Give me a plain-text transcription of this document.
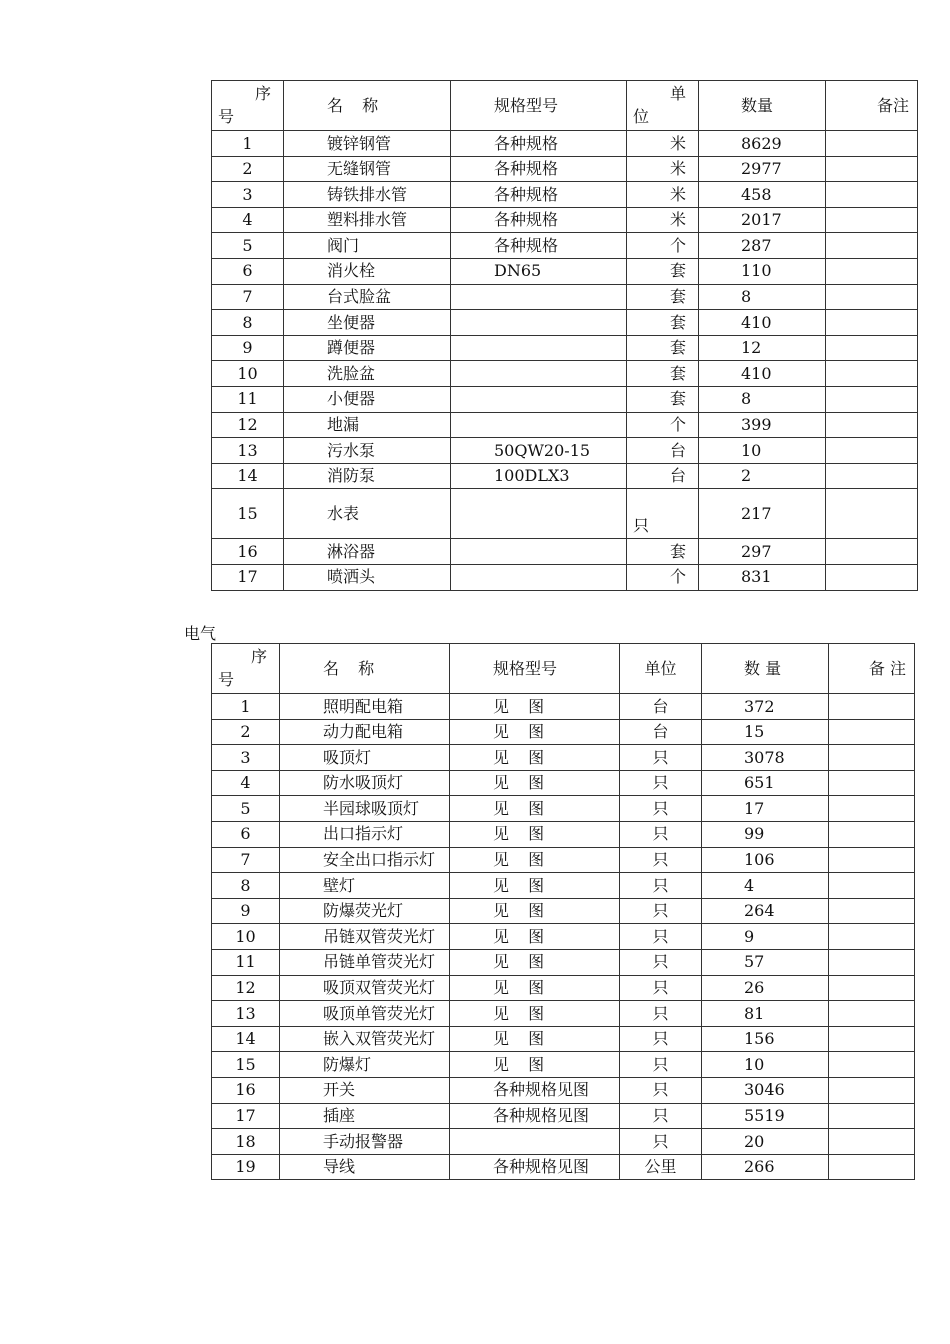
序
号	名 称	规格型号	单
位	数量	备注
1	镀锌钢管	各种规格	米	8629	
2	无缝钢管	各种规格	米	2977	
3	铸铁排水管	各种规格	米	458	
4	塑料排水管	各种规格	米	2017	
5	阀门	各种规格	个	287	
6	消火栓	DN65	套	110	
7	台式脸盆		套	8	
8	坐便器		套	410	
9	蹲便器		套	12	
10	洗脸盆		套	410	
11	小便器		套	8	
12	地漏		个	399	
13	污水泵	50QW20-15	台	10	
14	消防泵	100DLX3	台	2	
15	水表		只	217	
16	淋浴器		套	297	
17	喷洒头		个	831	
电气
序
号	名 称	规格型号	单位	数 量	备 注
1	照明配电箱	见 图	台	372	
2	动力配电箱	见 图	台	15	
3	吸顶灯	见 图	只	3078	
4	防水吸顶灯	见 图	只	651	
5	半园球吸顶灯	见 图	只	17	
6	出口指示灯	见 图	只	99	
7	安全出口指示灯	见 图	只	106	
8	壁灯	见 图	只	4	
9	防爆荧光灯	见 图	只	264	
10	吊链双管荧光灯	见 图	只	9	
11	吊链单管荧光灯	见 图	只	57	
12	吸顶双管荧光灯	见 图	只	26	
13	吸顶单管荧光灯	见 图	只	81	
14	嵌入双管荧光灯	见 图	只	156	
15	防爆灯	见 图	只	10	
16	开关	各种规格见图	只	3046	
17	插座	各种规格见图	只	5519	
18	手动报警器		只	20	
19	导线	各种规格见图	公里	266	
